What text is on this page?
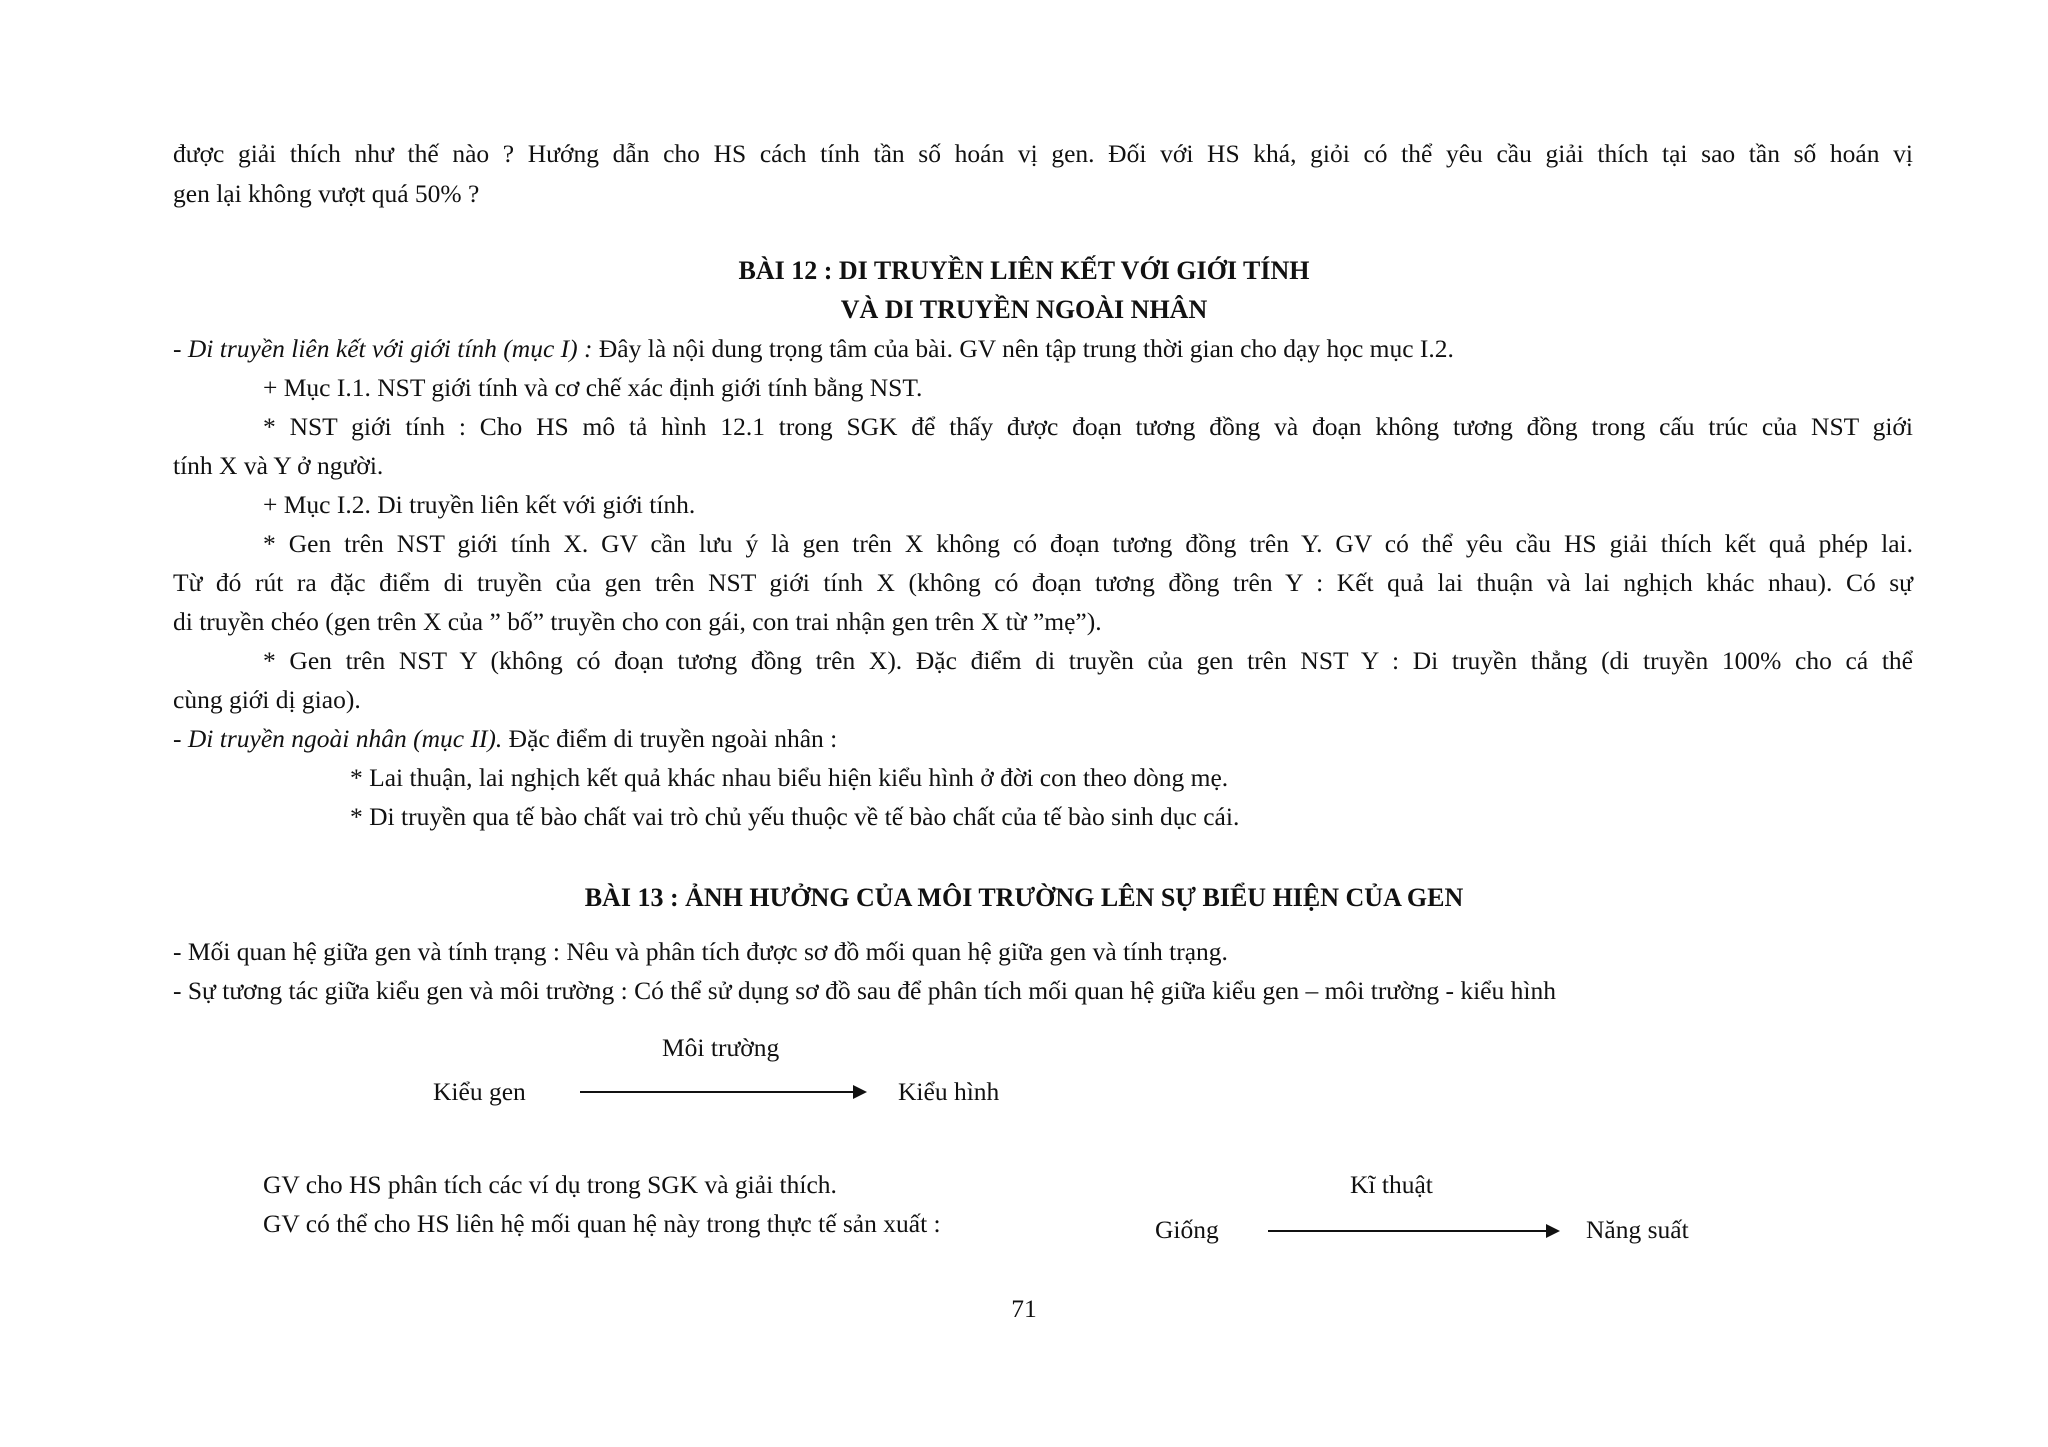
được giải thích như thế nào ? Hướng dẫn cho HS cách tính tần số hoán vị gen. Đối với HS khá, giỏi có thể yêu cầu giải thích tại sao tần số hoán vị
gen lại không vượt quá 50% ?
BÀI 12 : DI TRUYỀN LIÊN KẾT VỚI GIỚI TÍNH
VÀ DI TRUYỀN NGOÀI NHÂN
- Di truyền liên kết với giới tính (mục I) : Đây là nội dung trọng tâm của bài. GV nên tập trung thời gian cho dạy học mục I.2.
+ Mục I.1. NST giới tính và cơ chế xác định giới tính bằng NST.
* NST giới tính : Cho HS mô tả hình 12.1 trong SGK để thấy được đoạn tương đồng và đoạn không tương đồng trong cấu trúc của NST giới
tính X và Y ở người.
+ Mục I.2. Di truyền liên kết với giới tính.
* Gen trên NST giới tính X. GV cần lưu ý là gen trên X không có đoạn tương đồng trên Y. GV có thể yêu cầu HS giải thích kết quả phép lai.
Từ đó rút ra đặc điểm di truyền của gen trên NST giới tính X (không có đoạn tương đồng trên Y : Kết quả lai thuận và lai nghịch khác nhau). Có sự
di truyền chéo (gen trên X của ” bố” truyền cho con gái, con trai nhận gen trên X từ ”mẹ”).
* Gen trên NST Y (không có đoạn tương đồng trên X). Đặc điểm di truyền của gen trên NST Y : Di truyền thẳng (di truyền 100% cho cá thể
cùng giới dị giao).
- Di truyền ngoài nhân (mục II). Đặc điểm di truyền ngoài nhân :
* Lai thuận, lai nghịch kết quả khác nhau biểu hiện kiểu hình ở đời con theo dòng mẹ.
* Di truyền qua tế bào chất vai trò chủ yếu thuộc về tế bào chất của tế bào sinh dục cái.
BÀI 13 : ẢNH HƯỞNG CỦA MÔI TRƯỜNG LÊN SỰ BIỂU HIỆN CỦA GEN
- Mối quan hệ giữa gen và tính trạng : Nêu và phân tích được sơ đồ mối quan hệ giữa gen và tính trạng.
- Sự tương tác giữa kiểu gen và môi trường : Có thể sử dụng sơ đồ sau để phân tích mối quan hệ giữa kiểu gen – môi trường - kiểu hình
Môi trường
Kiểu gen	Kiểu hình
GV cho HS phân tích các ví dụ trong SGK và giải thích.
GV có thể cho HS liên hệ mối quan hệ này trong thực tế sản xuất :
Kĩ thuật
Giống	Năng suất
71
